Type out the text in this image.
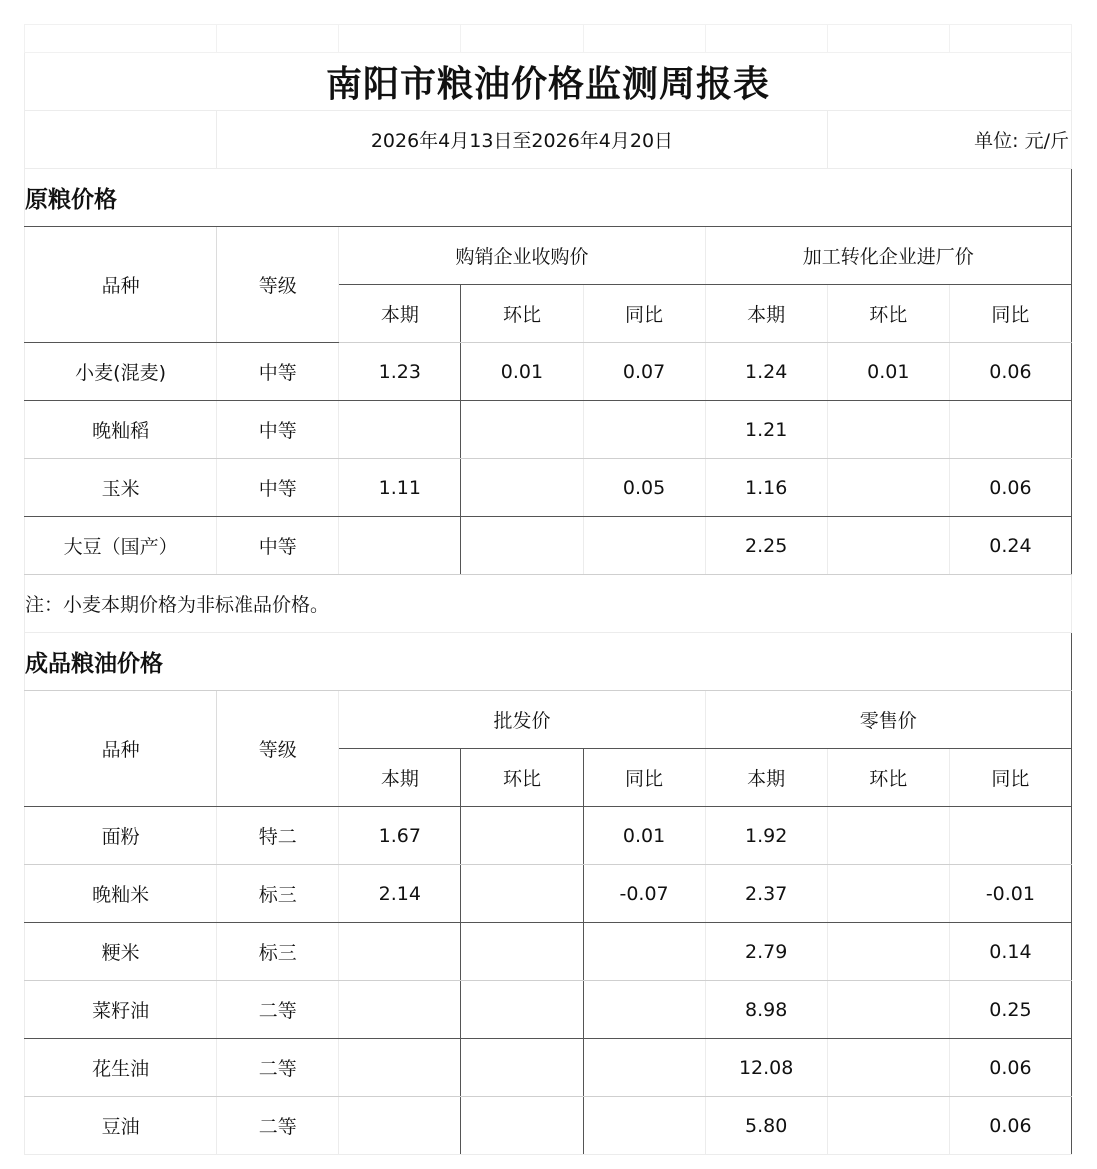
南阳市粮油价格监测周报表							
	2026年4月13日至2026年4月20日					单位: 元/斤	
原粮价格							
品种	等级	购销企业收购价			加工转化企业进厂价		
		本期	环比	同比	本期	环比	同比
小麦(混麦)	中等	1.23	0.01	0.07	1.24	0.01	0.06
晚籼稻	中等				1.21		
玉米	中等	1.11		0.05	1.16		0.06
大豆（国产）	中等				2.25		0.24
注：小麦本期价格为非标准品价格。							
成品粮油价格							
品种	等级	批发价			零售价		
		本期	环比	同比	本期	环比	同比
面粉	特二	1.67		0.01	1.92		
晚籼米	标三	2.14		-0.07	2.37		-0.01
粳米	标三				2.79		0.14
菜籽油	二等				8.98		0.25
花生油	二等				12.08		0.06
豆油	二等				5.80		0.06
